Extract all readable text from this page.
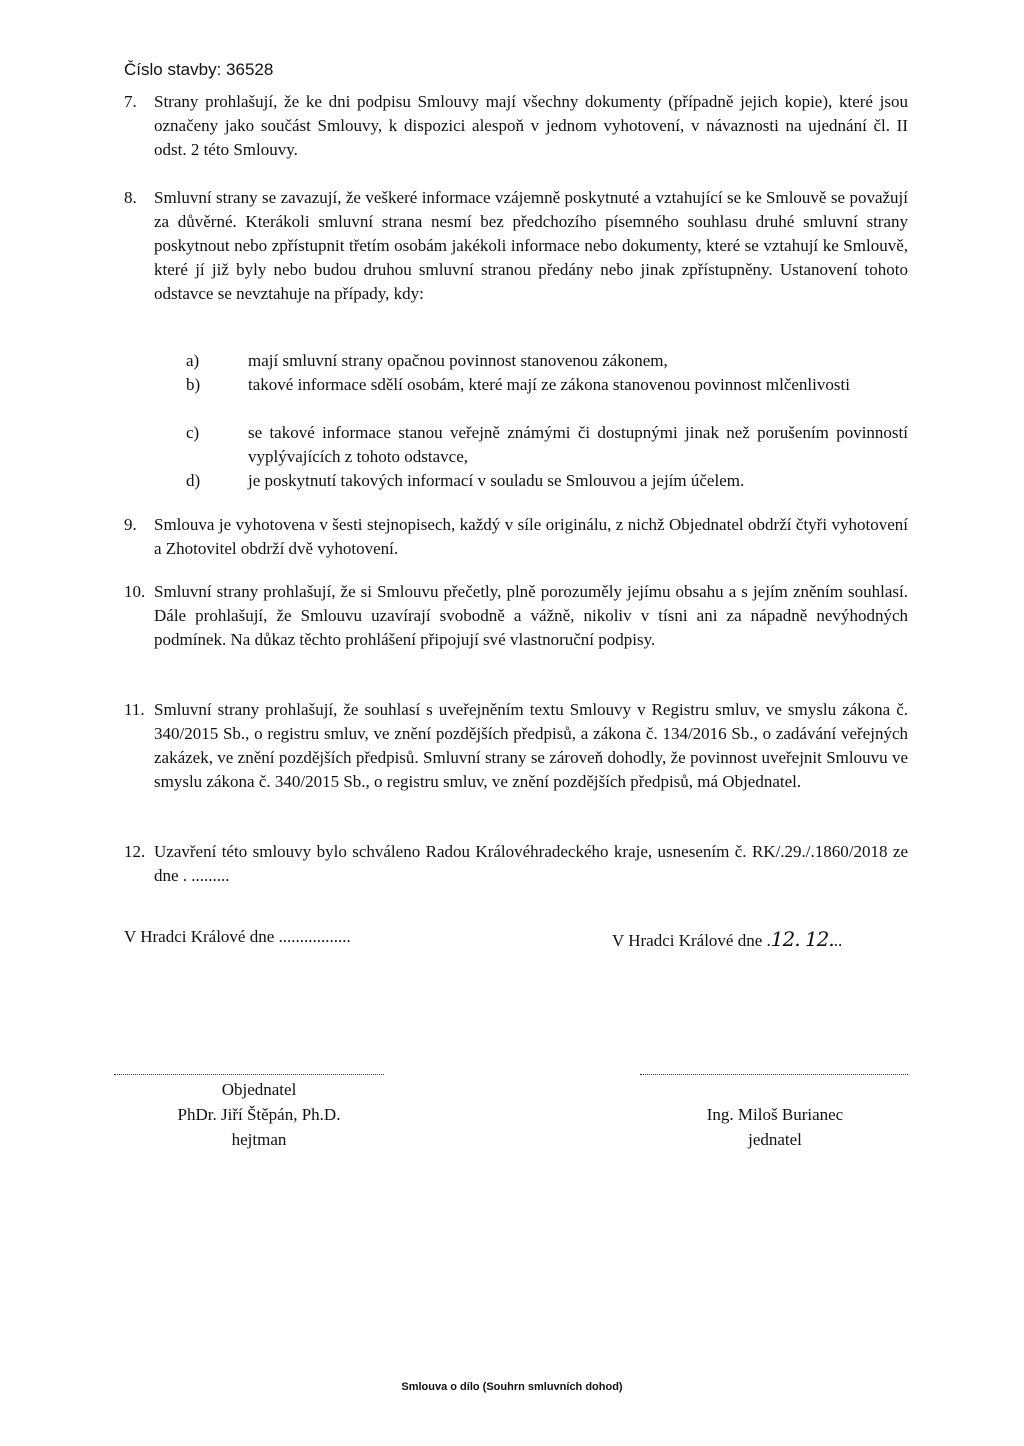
Číslo stavby: 36528
7. Strany prohlašují, že ke dni podpisu Smlouvy mají všechny dokumenty (případně jejich kopie), které jsou označeny jako součást Smlouvy, k dispozici alespoň v jednom vyhotovení, v návaznosti na ujednání čl. II odst. 2 této Smlouvy.
8. Smluvní strany se zavazují, že veškeré informace vzájemně poskytnuté a vztahující se ke Smlouvě se považují za důvěrné. Kterákoli smluvní strana nesmí bez předchozího písemného souhlasu druhé smluvní strany poskytnout nebo zpřístupnit třetím osobám jakékoli informace nebo dokumenty, které se vztahují ke Smlouvě, které jí již byly nebo budou druhou smluvní stranou předány nebo jinak zpřístupněny. Ustanovení tohoto odstavce se nevztahuje na případy, kdy:
a)	mají smluvní strany opačnou povinnost stanovenou zákonem,
b)	takové informace sdělí osobám, které mají ze zákona stanovenou povinnost mlčenlivosti
c)	se takové informace stanou veřejně známými či dostupnými jinak než porušením povinností vyplývajících z tohoto odstavce,
d)	je poskytnutí takových informací v souladu se Smlouvou a jejím účelem.
9. Smlouva je vyhotovena v šesti stejnopisech, každý v síle originálu, z nichž Objednatel obdrží čtyři vyhotovení a Zhotovitel obdrží dvě vyhotovení.
10. Smluvní strany prohlašují, že si Smlouvu přečetly, plně porozuměly jejímu obsahu a s jejím zněním souhlasí. Dále prohlašují, že Smlouvu uzavírají svobodně a vážně, nikoliv v tísni ani za nápadně nevýhodných podmínek. Na důkaz těchto prohlášení připojují své vlastnoruční podpisy.
11. Smluvní strany prohlašují, že souhlasí s uveřejněním textu Smlouvy v Registru smluv, ve smyslu zákona č. 340/2015 Sb., o registru smluv, ve znění pozdějších předpisů, a zákona č. 134/2016 Sb., o zadávání veřejných zakázek, ve znění pozdějších předpisů. Smluvní strany se zároveň dohodly, že povinnost uveřejnit Smlouvu ve smyslu zákona č. 340/2015 Sb., o registru smluv, ve znění pozdějších předpisů, má Objednatel.
12. Uzavření této smlouvy bylo schváleno Radou Královéhradeckého kraje, usnesením č. RK/.29./.1860/2018 ze dne . .........
V Hradci Králové dne .................	V Hradci Králové dne .12. 12...
Objednatel
PhDr. Jiří Štěpán, Ph.D.
hejtman
Ing. Miloš Burianec
jednatel
Smlouva o dílo (Souhrn smluvních dohod)
